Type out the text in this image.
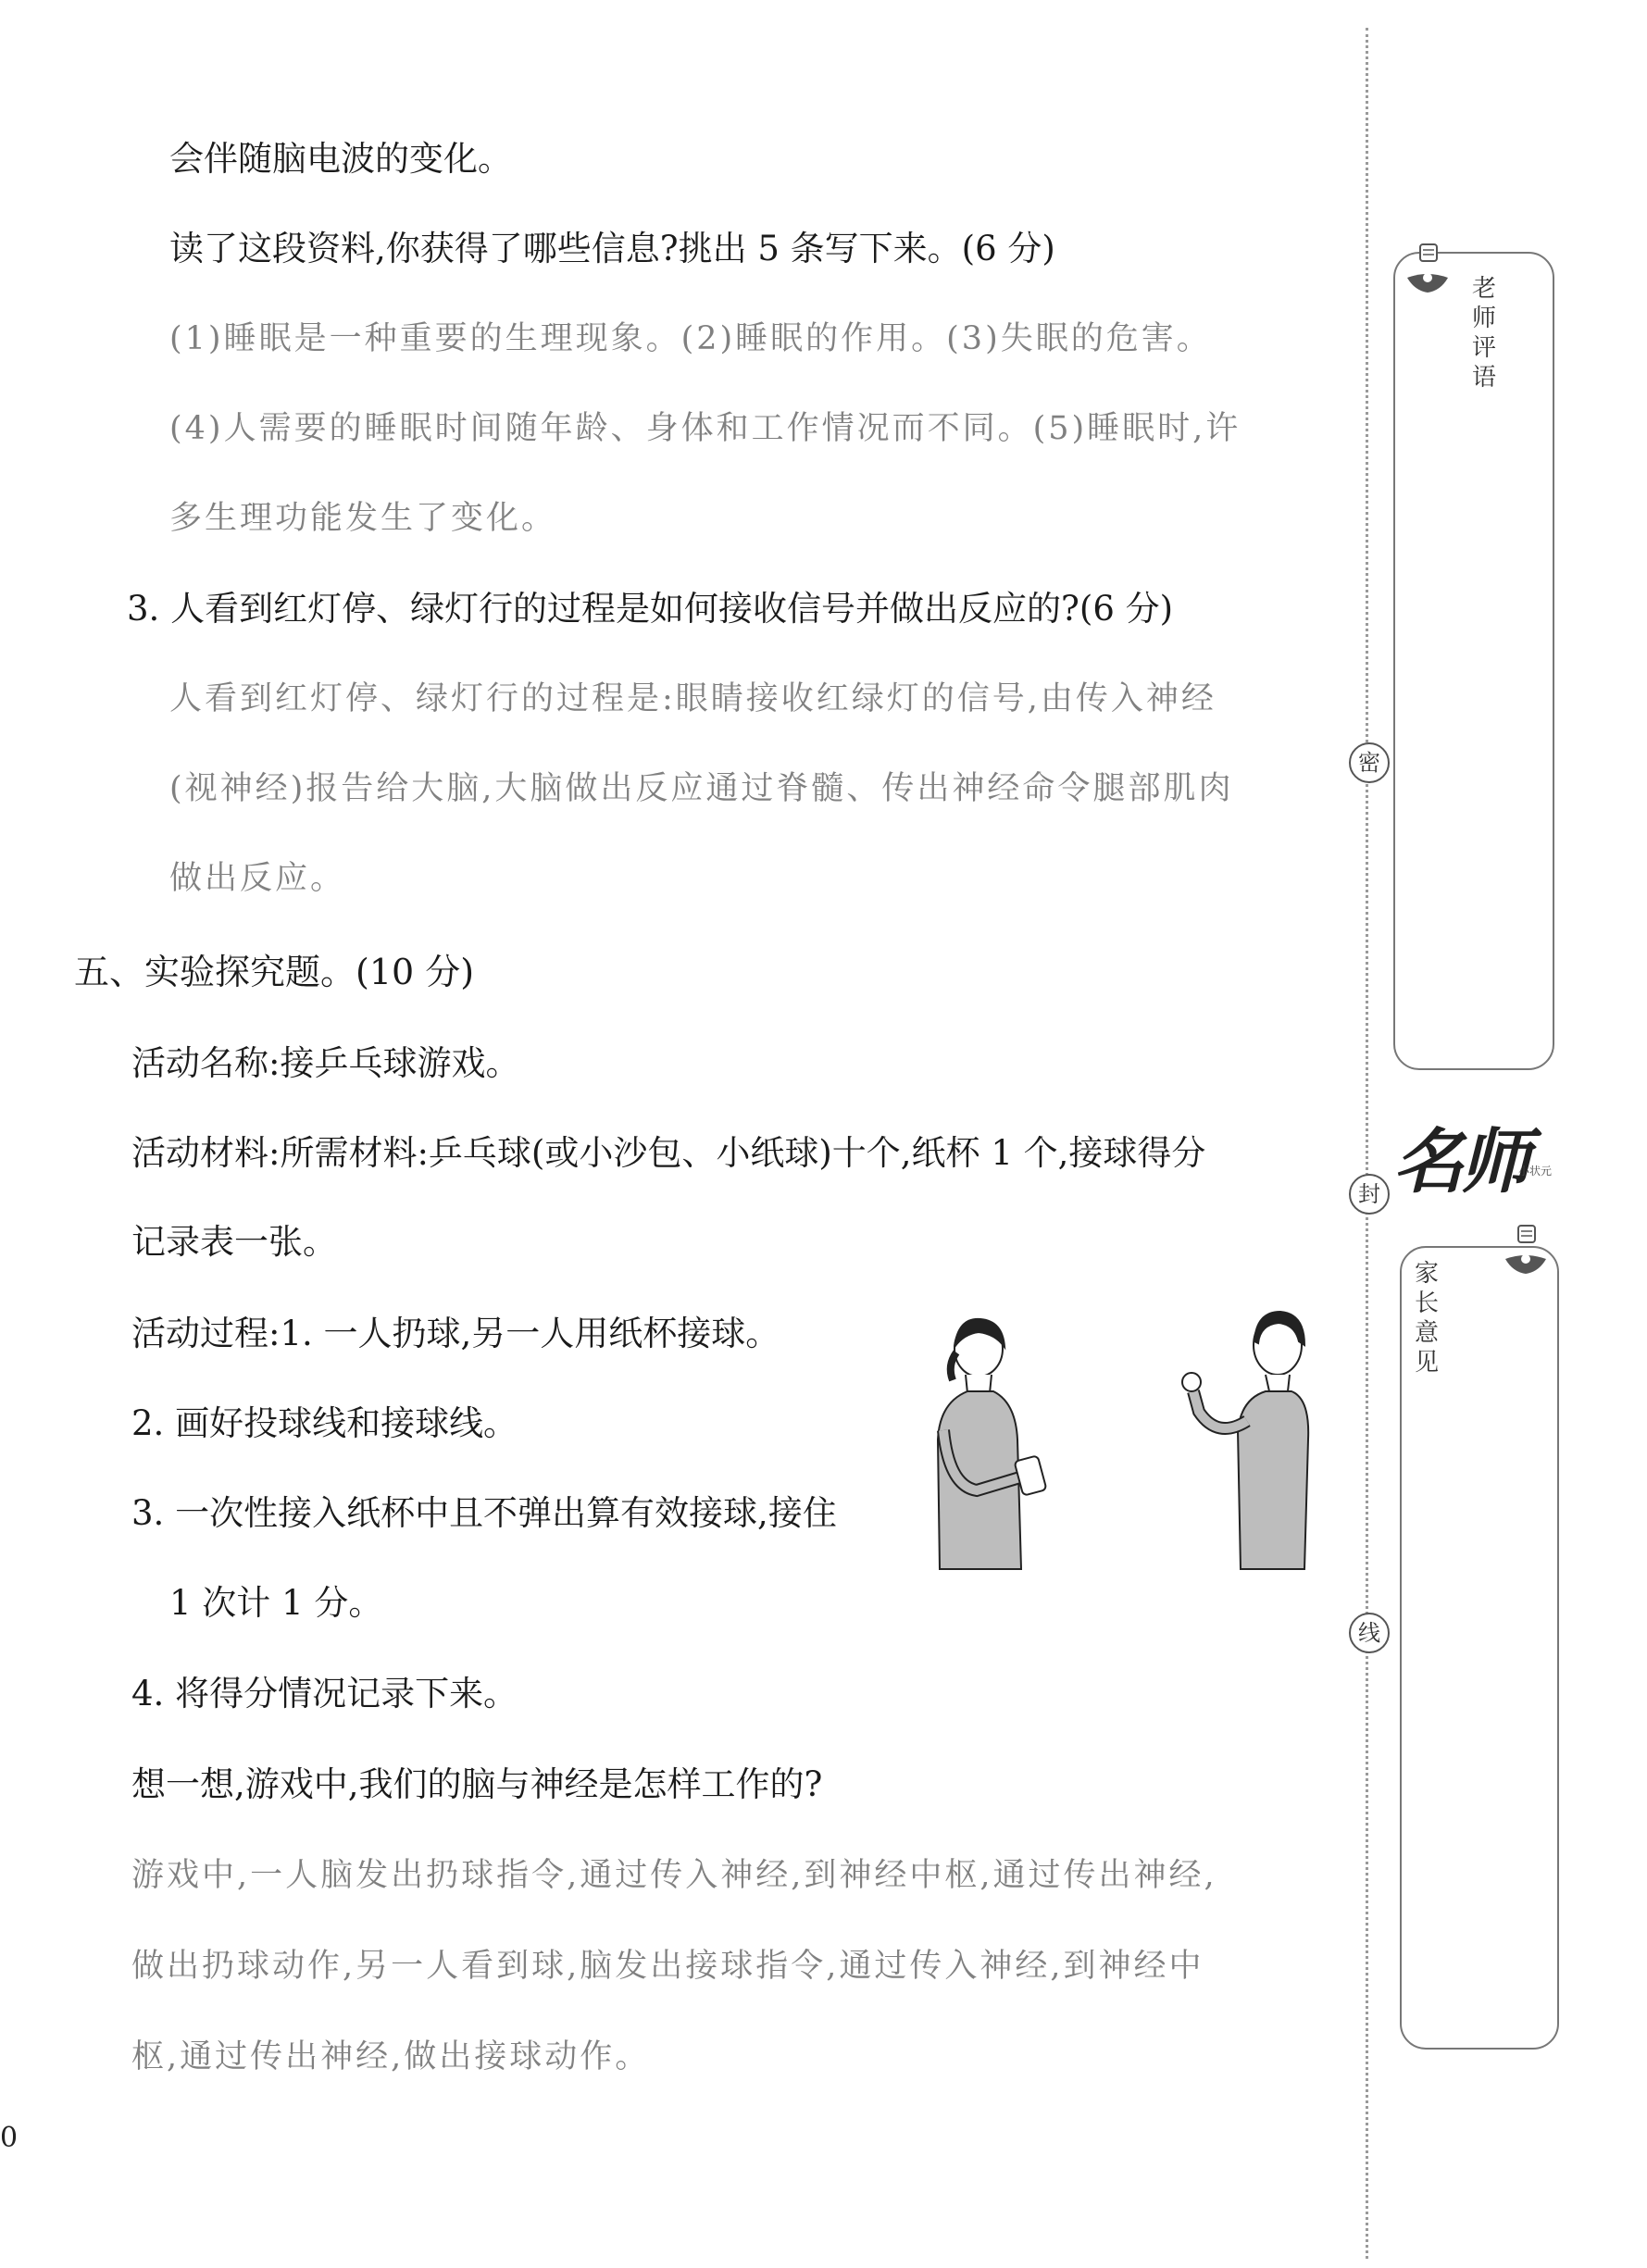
会伴随脑电波的变化。
读了这段资料,你获得了哪些信息?挑出 5 条写下来。(6 分)
(1)睡眠是一种重要的生理现象。(2)睡眠的作用。(3)失眠的危害。
(4)人需要的睡眠时间随年龄、身体和工作情况而不同。(5)睡眠时,许
多生理功能发生了变化。
3. 人看到红灯停、绿灯行的过程是如何接收信号并做出反应的?(6 分)
人看到红灯停、绿灯行的过程是:眼睛接收红绿灯的信号,由传入神经
(视神经)报告给大脑,大脑做出反应通过脊髓、传出神经命令腿部肌肉
做出反应。
五、实验探究题。(10 分)
活动名称:接乒乓球游戏。
活动材料:所需材料:乒乓球(或小沙包、小纸球)十个,纸杯 1 个,接球得分
记录表一张。
活动过程:1. 一人扔球,另一人用纸杯接球。
2. 画好投球线和接球线。
3. 一次性接入纸杯中且不弹出算有效接球,接住
1 次计 1 分。
4. 将得分情况记录下来。
想一想,游戏中,我们的脑与神经是怎样工作的?
游戏中,一人脑发出扔球指令,通过传入神经,到神经中枢,通过传出神经,
做出扔球动作,另一人看到球,脑发出接球指令,通过传入神经,到神经中
枢,通过传出神经,做出接球动作。
密
封
线
老师评语
名师
小状元
家长意见
0
